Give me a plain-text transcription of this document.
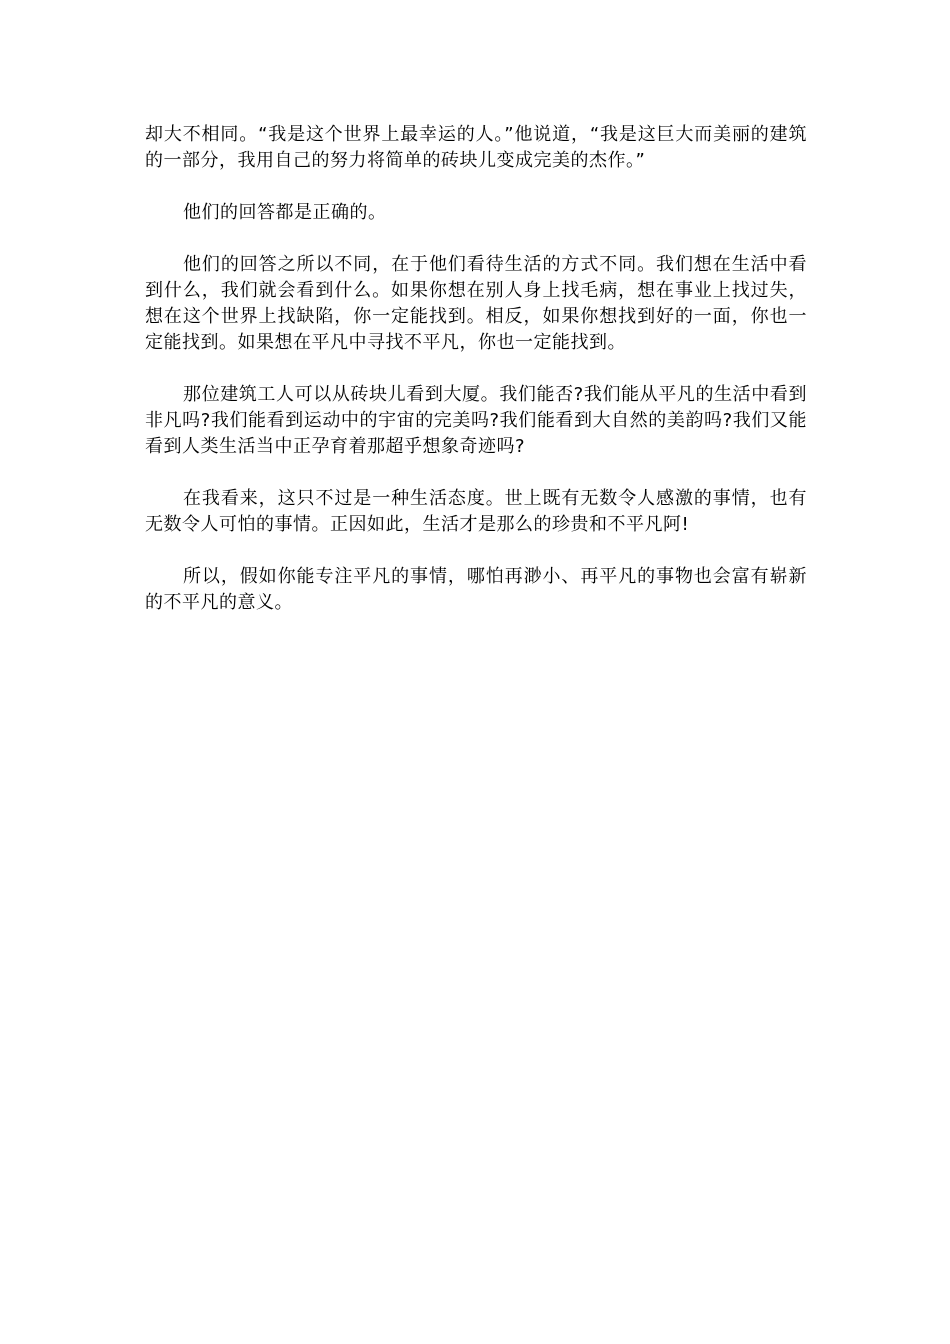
却大不相同。“我是这个世界上最幸运的人。”他说道，“我是这巨大而美丽的建筑的一部分，我用自己的努力将简单的砖块儿变成完美的杰作。”

他们的回答都是正确的。

他们的回答之所以不同，在于他们看待生活的方式不同。我们想在生活中看到什么，我们就会看到什么。如果你想在别人身上找毛病，想在事业上找过失，想在这个世界上找缺陷，你一定能找到。相反，如果你想找到好的一面，你也一定能找到。如果想在平凡中寻找不平凡，你也一定能找到。

那位建筑工人可以从砖块儿看到大厦。我们能否?我们能从平凡的生活中看到非凡吗?我们能看到运动中的宇宙的完美吗?我们能看到大自然的美韵吗?我们又能看到人类生活当中正孕育着那超乎想象奇迹吗?

在我看来，这只不过是一种生活态度。世上既有无数令人感激的事情，也有无数令人可怕的事情。正因如此，生活才是那么的珍贵和不平凡阿!

所以，假如你能专注平凡的事情，哪怕再渺小、再平凡的事物也会富有崭新的不平凡的意义。
